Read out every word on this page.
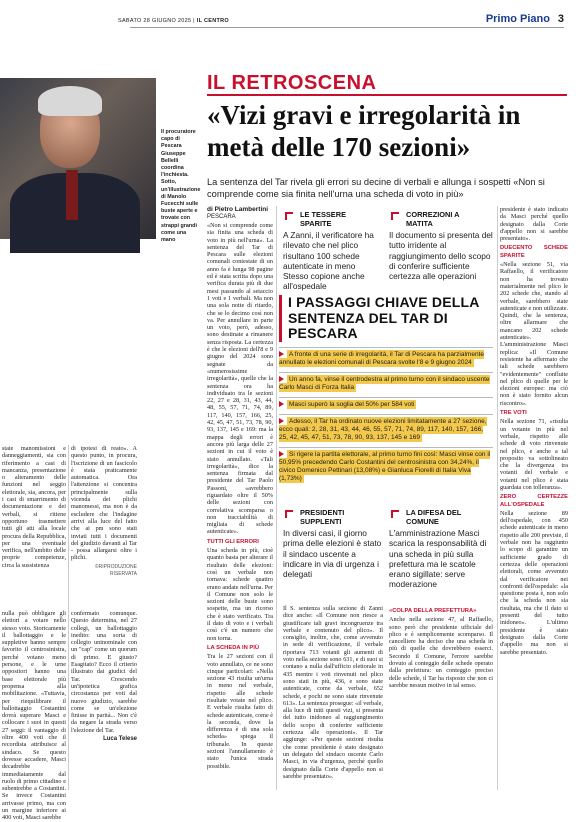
SABATO 28 GIUGNO 2025 | IL CENTRO	Primo Piano 3
Il procuratore capo di Pescara Giuseppe Bellelli coordina l'inchiesta. Sotto, un'illustrazione di Manolo Fucecchi sulle buste aperte e trovate con strappi grandi come una mano
IL RETROSCENA
«Vizi gravi e irregolarità in metà delle 170 sezioni»
La sentenza del Tar rivela gli errori su decine di verbali e allunga i sospetti «Non si comprende come sia finita nell'urna una scheda di voto in più»
di Pietro Lambertini
PESCARA

«Non si comprende come sia finita una scheda di voto in più nell'urna». La sentenza del Tar di Pescara sulle elezioni comunali contestate di un anno fa è lunga 98 pagine ed è stata scritta dopo una verifica durata più di due mesi passando al setaccio 1 voti e 1 verbali. Ma non una sola notte di ritardo, che se lo decimo così non va. Per annullare in parte un voto, però, adesso, sono destinate a rimanere senza risposta. La certezza è che le elezioni dell'8 e 9 giugno del 2024 sono segnate da «numerosissime irregolarità», quelle che la sentenza ora ha individuato tra le sezioni 22, 27 e 28, 31, 43, 44, 48, 55, 57, 71, 74, 89, 117, 140, 157, 166, 25, 42, 45, 47, 51, 73, 78, 90, 93, 137, 145 e 169: ma la mappa degli errori è ancora più larga delle 27 sezioni in cui il voto è stato annullato. «Tali irregolarità», dice la sentenza firmata dal presidente del Tar Paolo Passoni, «avrebbero riguardato oltre il 50% delle sezioni con correlativa scomparsa o non tracciabilità di migliaia di schede autenticate».

TUTTI GLI ERRORI

Una scheda in più, cioè quanto basta per alterare il risultato delle elezioni: così un verbale non tornava: schede quattro erano andate nell'urna. Per il Comune non solo le sezioni delle buste sono sospette, ma un ricorso che è stato verificato. Tra il dato di voto e i verbali così c'è un numero che non torna.

LA SCHEDA IN PIÙ

Tra le 27 sezioni con il voto annullato, ce ne sono cinque particolari: «Nella sezione 43 risulta un'urna in meno nel verbale, rispetto alle schede risultate votate nel plico. E verbale risulta fatto di schede autenticate, come è la seconda, dove la differenza è di una sola scheda» spiega il tribunale. In queste sezioni l'annullamento è stato l'unica strada possibile.

state manomissioni e danneggiamenti, sia con riferimento a casi di mancanza, presentazione o alteramento delle funzioni nel seggio elettorale, sia, ancora, per i casi di smarrimento di documentazione e dei verbali, si ritiene opportuno trasmettere tutti gli atti alla locale procura della Repubblica, per una eventuale verifica, nell'ambito delle proprie competenze, circa la sussistenza

di ipotesi di reato». A questo punto, in procura, l'iscrizione di un fascicolo è stata praticamente automatica. Ora l'attenzione si concentra principalmente sulla vicenda dei plichi manomessi, ma non è da escludere che l'indagine arrivi alla luce del fatto che ai pm sono stati inviati tutti i documenti del giudizio davanti al Tar - possa allargarsi oltre i plichi.

©RIPRODUZIONE RISERVATA

nulla può obbligare gli elettori a votare nello stesso voto. Storicamente il ballottaggio e le suppletive hanno sempre favorito il centrosinistra, perché votano meno persone, e le urne oppositori hanno una base elettorale più propensa alla mobilitazione. «Tuttavia, per riequilibrare il ballottaggio Costantini dovrà superare Masci e collocare i suoi in questi 27 seggi: il vantaggio di oltre 400 voti che il recordista attribuisce al sindaco. Se questo dovesse accadere, Masci decadrebbe immediatamente dal ruolo di primo cittadino e subentrebbe a Costantini. Se invece Costantini arrivasse primo, ma con un margine inferiore ai 400 voti, Masci sarebbe

confermato comunque. Questo determina, nel 27 collegi, un ballottaggio inedito: una sorta di collegio uninominale con un "cap" come un quorum di primo. E giusto? Esagitato? Ecco il criterio illustrato dai giudici del Tar. Crescendo un'ipotetica grafica circostanza per voti dal nuovo giudizio, sarebbe come se un'elezione finisse in parità... Non c'è da negare la strada verso l'elezione del Tar.

Luca Telese
LE TESSERE SPARITE
A Zanni, il verificatore ha rilevato che nel plico risultano 100 schede autenticate in meno Stesso copione anche all'ospedale
CORREZIONI A MATITA
Il documento si presenta del tutto irridente al raggiungimento dello scopo di conferire sufficiente certezza alle operazioni
I PASSAGGI CHIAVE DELLA SENTENZA DEL TAR DI PESCARA
A fronte di una serie di irregolarità, il Tar di Pescara ha parzialmente annullato le elezioni comunali di Pescara svolte l'8 e 9 giugno 2024
Un anno fa, vinse il centrodestra al primo turno con il sindaco uscente Carlo Masci di Forza Italia
Masci superò la soglia del 50% per 584 voti
Adesso, il Tar ha ordinato nuove elezioni limitatamente a 27 sezione, ecco quali: 2, 28, 31, 43, 44, 46, 55, 57, 71, 74, 89, 117, 140, 157, 166, 25, 42, 45, 47, 51, 73, 78, 90, 93, 137, 145 e 169
Si rigere la partita elettorale, al primo turno fini così: Masci vinse con il 50,95% precedendo Carlo Costantini del centrosinistra con 34,24%, il civico Domenico Pettinari (13,08%) e Gianluca Fiorelli di Italia Viva (1,73%)
PRESIDENTI SUPPLENTI
In diversi casi, il giorno prima delle elezioni è stato il sindaco uscente a indicare in via di urgenza i delegati
LA DIFESA DEL COMUNE
L'amministrazione Masci scarica la responsabilità di una scheda in più sulla prefettura ma le scatole erano sigillate: serve moderazione

Il S. sentenza sulla sezione di Zanni dice anche: «Il Comune non riesce a giustificare tali gravi incongruenze tra verbale e contenuto del plico». Il consiglio, inoltre, che, come avvenuto in sede di verificazione, il verbale riportava 713 votanti gli aumenti di voto nella sezione sono 631, e di suoi si contano a nulla dall'ufficio elettorale in 435 mentre i voti rinvenuti nel plico sono stati in più, 436, e sono state autenticate, come da verbale, 652 schede, e pochi ne sono state rinvenute 613». La sentenza prosegue: «il verbale, alla luce di tutti questi vizi, si presenta del tutto inidoneo al raggiungimento dello scopo di conferire sufficiente certezza alle operazioni». Il Tar aggiunge: «Per queste sezioni risulta che come presidente è stato designato un delegato del sindaco uscente Carlo Masci, in via d'urgenza, perché quello designato dalla Corte d'appello non si sarebbe presentato».

«COLPA DELLA PREFETTURA»

Anche nella sezione 47, al Raffaello, sono però che presidente ufficiale del plico e è semplicemente scomparso. Il cancelliere ha deciso che una scheda in più di quelle che dovrebbero esserci. Secondo il Comune, l'errore sarebbe dovuto al conteggio delle schede operato dalla prefettura: un conteggio preciso delle schede, il Tar ha risposto che non ci sarebbe nessun motivo in tal senso.

presidente è stato indicato da Masci perché quello designato dalla Corte d'appello non si sarebbe presentato».

DUECENTO SCHEDE SPARITE

«Nella sezione 51, via Raffaello, il verificatore non ha trovato materialmente nel plico le 202 schede che, stando al verbale, sarebbero state autenticate e non utilizzate. Quindi, che la sentenza, oltre allarmare che mancano 202 schede autenticate». L'amministrazione Masci replica: «Il Comune resistente ha affermato che tali schede sarebbero "evidentemente" confluite nel plico di quelle per le elezioni europee: ma ciò non è stato fornito alcun riscontro».

TRE VOTI

Nella sezione 71, «risulta un votante in più nel verbale, rispetto alle schede di voto rinvenute nel plico, e anche a tal proposito va sottolineato che la divergenza tra votanti del verbale e votanti nel plico è stata guardata con tolleranza».

ZERO CERTEZZE ALL'OSPEDALE

Nella sezione 89 dell'ospedale, con 450 schede autenticate in meno rispetto alle 200 previste, il verbale non ha raggiunto lo scopo di garantire un sufficiente grado di certezza delle operazioni elettorali, come avvenuto dal verificatore nei confronti dell'ospedale: «la questione posta è, non solo che la scheda non sia risultata, ma che il dato si presenti del tutto inidoneo». L'ultimo presidente è stato designato dalla Corte d'appello ma non si sarebbe presentato.
